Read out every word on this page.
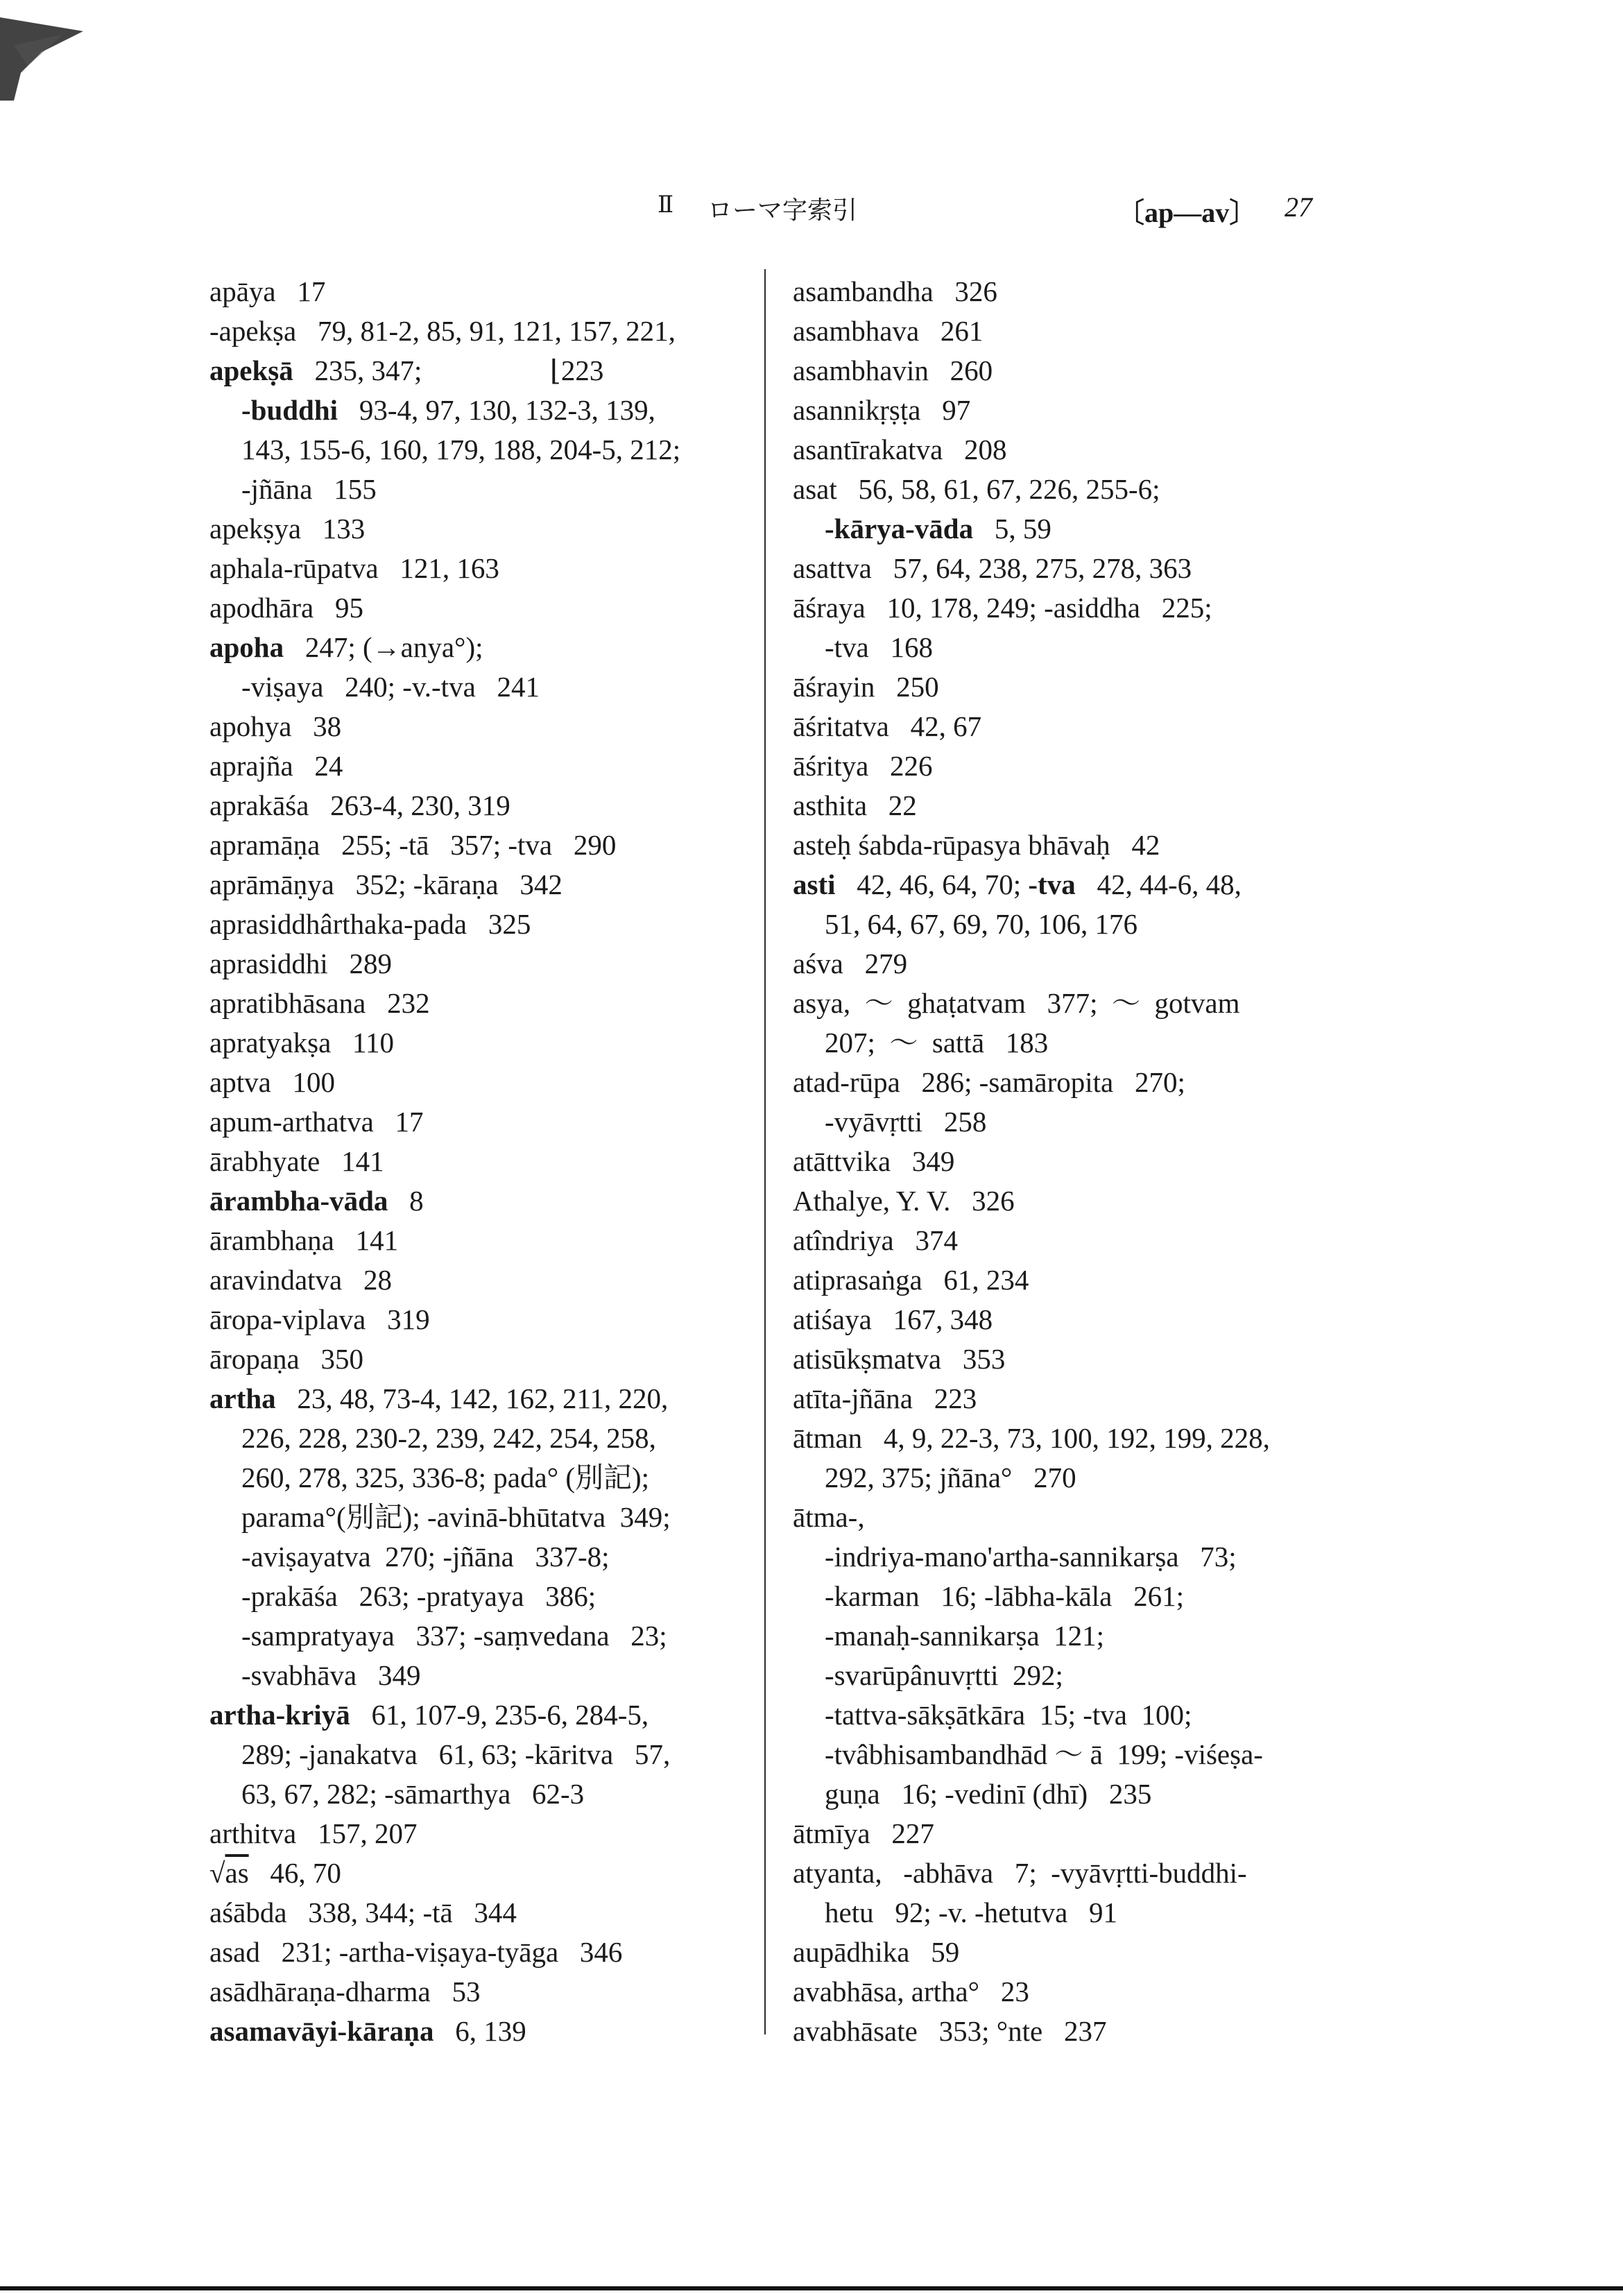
Ⅱ ローマ字索引	〔ap—av〕 27
apāya   17
-apekṣa   79, 81-2, 85, 91, 121, 157, 221,
apekṣā   235, 347;                  ⌊223
-buddhi   93-4, 97, 130, 132-3, 139,
143, 155-6, 160, 179, 188, 204-5, 212;
-jñāna   155
apekṣya   133
aphala-rūpatva   121, 163
apodhāra   95
apoha   247; (→anya°);
-viṣaya   240; -v.-tva   241
apohya   38
aprajña   24
aprakāśa   263-4, 230, 319
apramāṇa   255; -tā   357; -tva   290
aprāmāṇya   352; -kāraṇa   342
aprasiddhârthaka-pada   325
aprasiddhi   289
apratibhāsana   232
apratyakṣa   110
aptva   100
apum-arthatva   17
ārabhyate   141
ārambha-vāda   8
ārambhaṇa   141
aravindatva   28
āropa-viplava   319
āropaṇa   350
artha   23, 48, 73-4, 142, 162, 211, 220,
226, 228, 230-2, 239, 242, 254, 258,
260, 278, 325, 336-8; pada° (別記);
parama°(別記); -avinā-bhūtatva  349;
-aviṣayatva  270; -jñāna   337-8;
-prakāśa   263; -pratyaya   386;
-sampratyaya   337; -saṃvedana   23;
-svabhāva   349
artha-kriyā   61, 107-9, 235-6, 284-5,
289; -janakatva   61, 63; -kāritva   57,
63, 67, 282; -sāmarthya   62-3
arthitva   157, 207
√as   46, 70
aśābda   338, 344; -tā   344
asad   231; -artha-viṣaya-tyāga   346
asādhāraṇa-dharma   53
asamavāyi-kāraṇa   6, 139
asambandha   326
asambhava   261
asambhavin   260
asannikṛṣṭa   97
asantīrakatva   208
asat   56, 58, 61, 67, 226, 255-6;
-kārya-vāda   5, 59
asattva   57, 64, 238, 275, 278, 363
āśraya   10, 178, 249; -asiddha   225;
-tva   168
āśrayin   250
āśritatva   42, 67
āśritya   226
asthita   22
asteḥ śabda-rūpasya bhāvaḥ   42
asti   42, 46, 64, 70; -tva   42, 44-6, 48,
51, 64, 67, 69, 70, 106, 176
aśva   279
asya,  ～  ghaṭatvam   377;  ～  gotvam
207;  ～  sattā   183
atad-rūpa   286; -samāropita   270;
-vyāvṛtti   258
atāttvika   349
Athalye, Y. V.   326
atîndriya   374
atiprasaṅga   61, 234
atiśaya   167, 348
atisūkṣmatva   353
atīta-jñāna   223
ātman   4, 9, 22-3, 73, 100, 192, 199, 228,
292, 375; jñāna°   270
ātma-,
-indriya-mano'artha-sannikarṣa   73;
-karman   16; -lābha-kāla   261;
-manaḥ-sannikarṣa  121;
-svarūpânuvṛtti  292;
-tattva-sākṣātkāra  15; -tva  100;
-tvâbhisambandhād ～ ā  199; -viśeṣa-
guṇa   16; -vedinī (dhī)   235
ātmīya   227
atyanta,   -abhāva   7;  -vyāvṛtti-buddhi-
hetu   92; -v. -hetutva   91
aupādhika   59
avabhāsa, artha°   23
avabhāsate   353; °nte   237
